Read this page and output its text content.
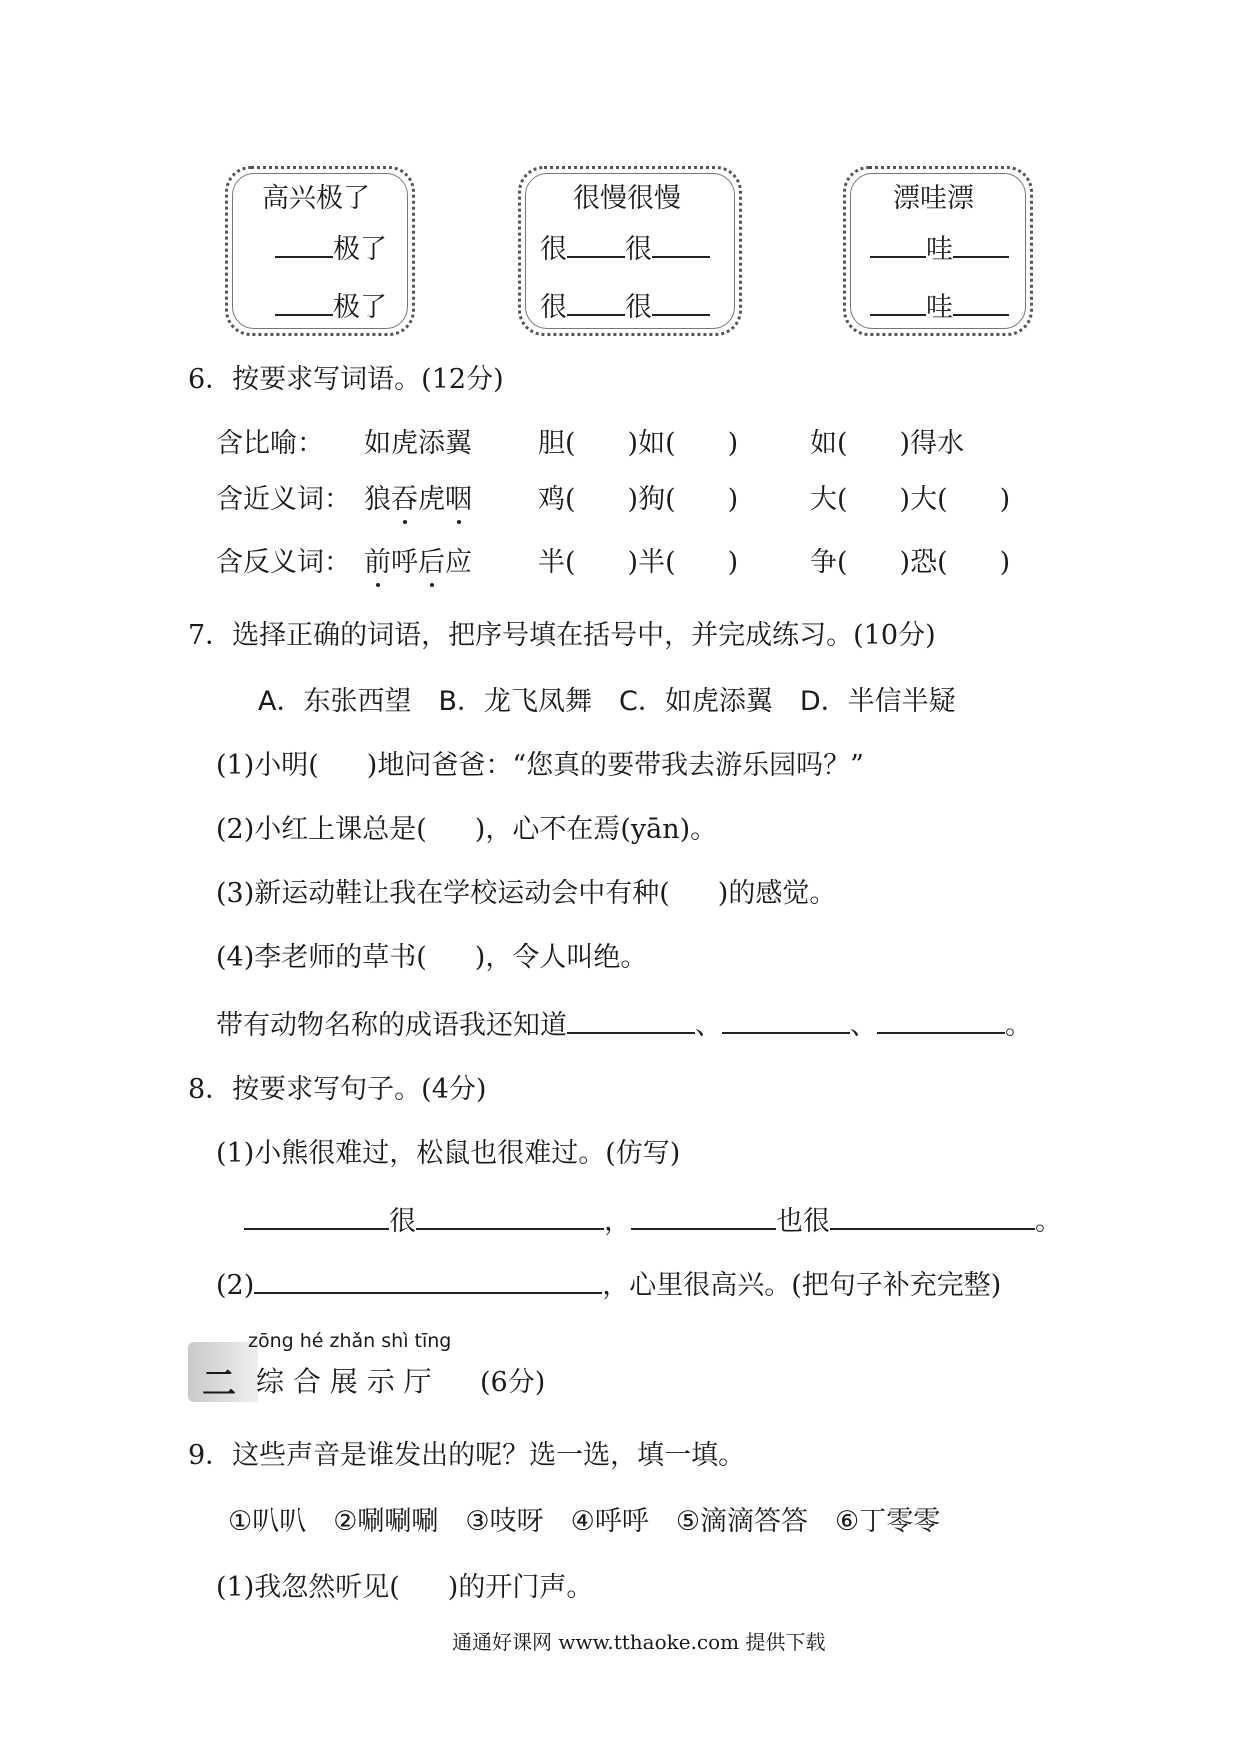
高兴极了
极了
极了
很慢很慢
很 很
很 很
漂哇漂
哇
哇
6．按要求写词语。(12分)
含比喻： 如虎添翼 胆( )如( )	如( )得水
含近义词： 狼吞虎咽 鸡( )狗( )	大( )大( )
含反义词： 前呼后应 半( )半( )	争( )恐( )
7．选择正确的词语，把序号填在括号中，并完成练习。(10分)
A．东张西望　B．龙飞凤舞　C．如虎添翼　D．半信半疑
(1)小明( )地问爸爸：“您真的要带我去游乐园吗？”
(2)小红上课总是( )，心不在焉(yān)。
(3)新运动鞋让我在学校运动会中有种( )的感觉。
(4)李老师的草书( )，令人叫绝。
带有动物名称的成语我还知道	、	、	。
8．按要求写句子。(4分)
(1)小熊很难过，松鼠也很难过。(仿写)
很	，	也很	。
(2)	，心里很高兴。(把句子补充完整)
zōng hé zhǎn shì tīng
二 综 合 展 示 厅 (6分)
9．这些声音是谁发出的呢？选一选，填一填。
①叭叭　②唰唰唰　③吱呀　④呼呼　⑤滴滴答答　⑥丁零零
(1)我忽然听见( )的开门声。
通通好课网 www.tthaoke.com 提供下载
